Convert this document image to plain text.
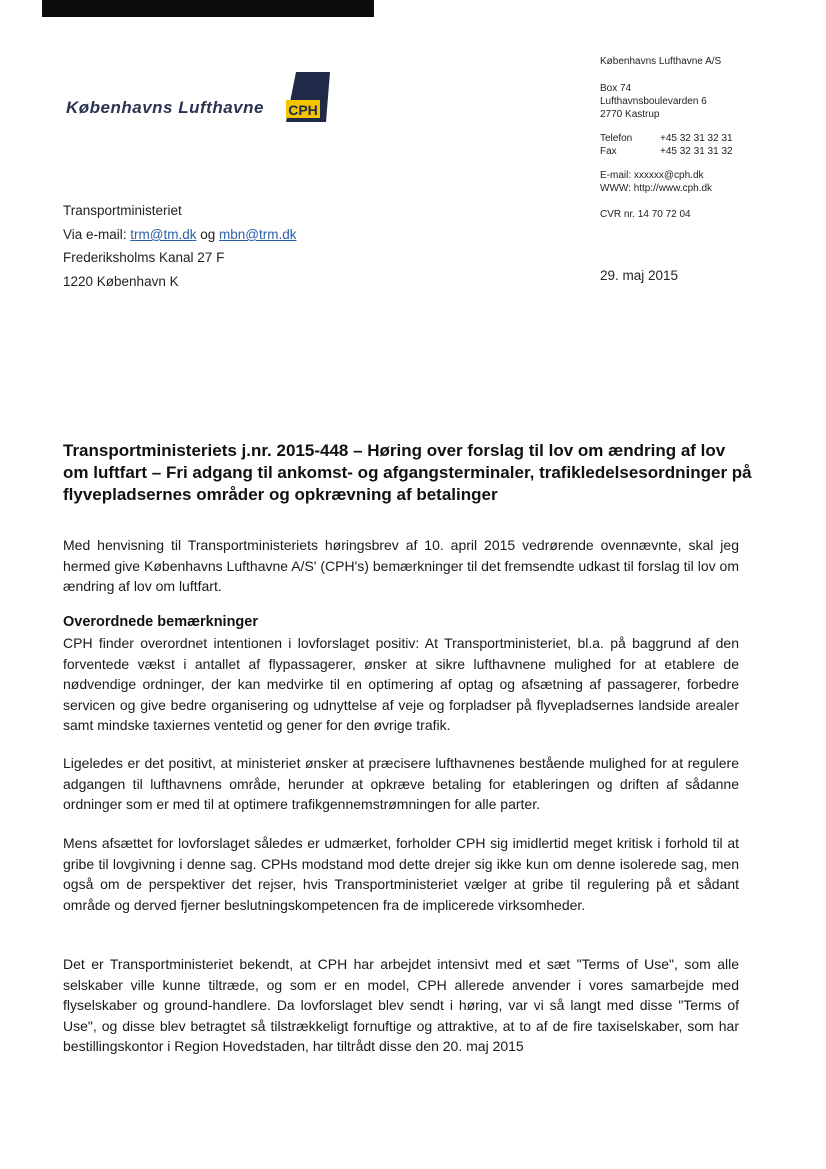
Københavns Lufthavne CPH
Københavns Lufthavne A/S
Box 74
Lufthavnsboulevarden 6
2770 Kastrup
Telefon	+45 32 31 32 31
Fax	+45 32 31 31 32
E-mail: xxxxxx@cph.dk
WWW: http://www.cph.dk
CVR nr. 14 70 72 04
Transportministeriet
Via e-mail: trm@tm.dk og mbn@trm.dk
Frederiksholms Kanal 27 F
1220 København K	29. maj 2015
Transportministeriets j.nr. 2015-448 – Høring over forslag til lov om ændring af lov om luftfart – Fri adgang til ankomst- og afgangsterminaler, trafikledelsesordninger på flyvepladsernes områder og opkrævning af betalinger
Med henvisning til Transportministeriets høringsbrev af 10. april 2015 vedrørende ovennævnte, skal jeg hermed give Københavns Lufthavne A/S' (CPH's) bemærkninger til det fremsendte udkast til forslag til lov om ændring af lov om luftfart.
Overordnede bemærkninger
CPH finder overordnet intentionen i lovforslaget positiv: At Transportministeriet, bl.a. på baggrund af den forventede vækst i antallet af flypassagerer, ønsker at sikre lufthavnene mulighed for at etablere de nødvendige ordninger, der kan medvirke til en optimering af optag og afsætning af passagerer, forbedre servicen og give bedre organisering og udnyttelse af veje og forpladser på flyvepladsernes landside arealer samt mindske taxiernes ventetid og gener for den øvrige trafik.
Ligeledes er det positivt, at ministeriet ønsker at præcisere lufthavnenes bestående mulighed for at regulere adgangen til lufthavnens område, herunder at opkræve betaling for etableringen og driften af sådanne ordninger som er med til at optimere trafikgennemstrømningen for alle parter.
Mens afsættet for lovforslaget således er udmærket, forholder CPH sig imidlertid meget kritisk i forhold til at gribe til lovgivning i denne sag. CPHs modstand mod dette drejer sig ikke kun om denne isolerede sag, men også om de perspektiver det rejser, hvis Transportministeriet vælger at gribe til regulering på et sådant område og derved fjerner beslutningskompetencen fra de implicerede virksomheder.
Det er Transportministeriet bekendt, at CPH har arbejdet intensivt med et sæt "Terms of Use", som alle selskaber ville kunne tiltræde, og som er en model, CPH allerede anvender i vores samarbejde med flyselskaber og ground-handlere. Da lovforslaget blev sendt i høring, var vi så langt med disse "Terms of Use", og disse blev betragtet så tilstrækkeligt fornuftige og attraktive, at to af de fire taxiselskaber, som har bestillingskontor i Region Hovedstaden, har tiltrådt disse den 20. maj 2015
